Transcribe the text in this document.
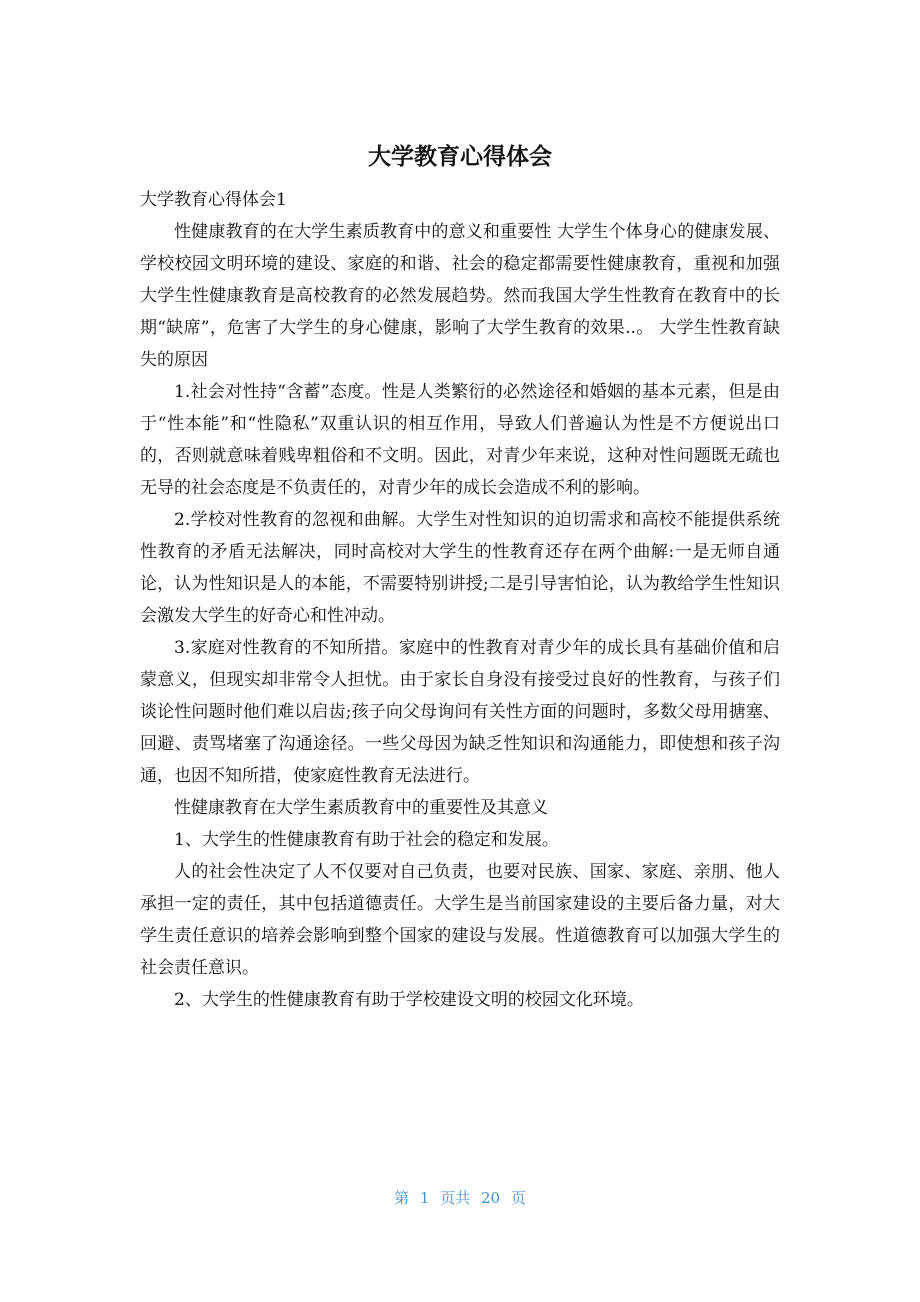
大学教育心得体会

大学教育心得体会1

性健康教育的在大学生素质教育中的意义和重要性 大学生个体身心的健康发展、学校校园文明环境的建设、家庭的和谐、社会的稳定都需要性健康教育，重视和加强大学生性健康教育是高校教育的必然发展趋势。然而我国大学生性教育在教育中的长期“缺席”，危害了大学生的身心健康，影响了大学生教育的效果..。 大学生性教育缺失的原因

1.社会对性持“含蓄”态度。性是人类繁衍的必然途径和婚姻的基本元素，但是由于“性本能”和“性隐私”双重认识的相互作用，导致人们普遍认为性是不方便说出口的，否则就意味着贱卑粗俗和不文明。因此，对青少年来说，这种对性问题既无疏也无导的社会态度是不负责任的，对青少年的成长会造成不利的影响。

2.学校对性教育的忽视和曲解。大学生对性知识的迫切需求和高校不能提供系统性教育的矛盾无法解决，同时高校对大学生的性教育还存在两个曲解:一是无师自通论，认为性知识是人的本能，不需要特别讲授;二是引导害怕论，认为教给学生性知识会激发大学生的好奇心和性冲动。

3.家庭对性教育的不知所措。家庭中的性教育对青少年的成长具有基础价值和启蒙意义，但现实却非常令人担忧。由于家长自身没有接受过良好的性教育，与孩子们谈论性问题时他们难以启齿;孩子向父母询问有关性方面的问题时，多数父母用搪塞、回避、责骂堵塞了沟通途径。一些父母因为缺乏性知识和沟通能力，即使想和孩子沟通，也因不知所措，使家庭性教育无法进行。

性健康教育在大学生素质教育中的重要性及其意义

1、大学生的性健康教育有助于社会的稳定和发展。

人的社会性决定了人不仅要对自己负责，也要对民族、国家、家庭、亲朋、他人承担一定的责任，其中包括道德责任。大学生是当前国家建设的主要后备力量，对大学生责任意识的培养会影响到整个国家的建设与发展。性道德教育可以加强大学生的社会责任意识。

2、大学生的性健康教育有助于学校建设文明的校园文化环境。

第 1 页共 20 页
